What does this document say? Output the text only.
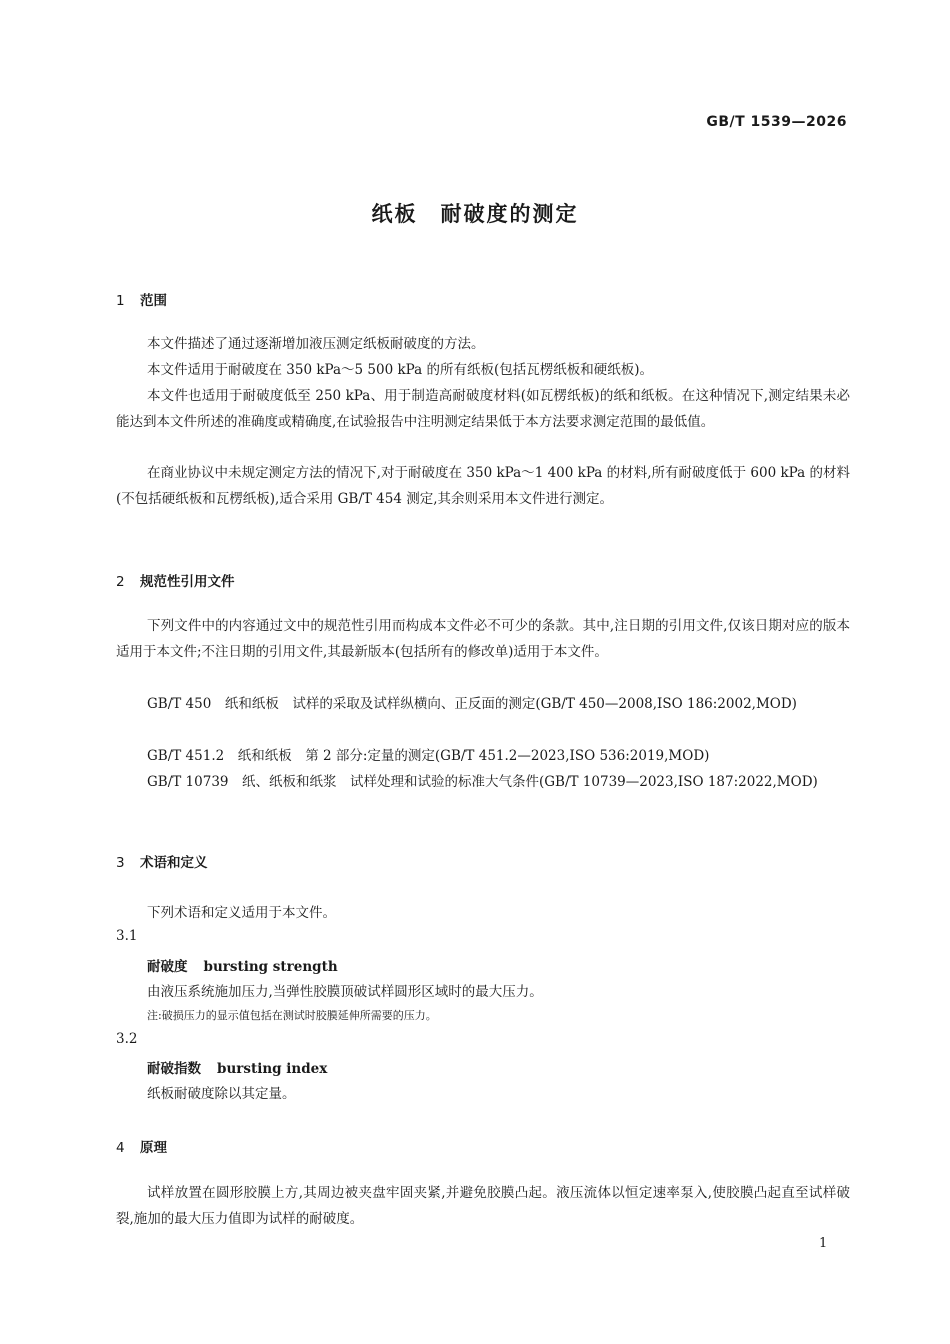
GB/T 1539—2026
纸板　耐破度的测定
1 范围
本文件描述了通过逐渐增加液压测定纸板耐破度的方法。
本文件适用于耐破度在 350 kPa～5 500 kPa 的所有纸板(包括瓦楞纸板和硬纸板)。
本文件也适用于耐破度低至 250 kPa、用于制造高耐破度材料(如瓦楞纸板)的纸和纸板。在这种情况下,测定结果未必能达到本文件所述的准确度或精确度,在试验报告中注明测定结果低于本方法要求测定范围的最低值。
在商业协议中未规定测定方法的情况下,对于耐破度在 350 kPa～1 400 kPa 的材料,所有耐破度低于 600 kPa 的材料(不包括硬纸板和瓦楞纸板),适合采用 GB/T 454 测定,其余则采用本文件进行测定。
2 规范性引用文件
下列文件中的内容通过文中的规范性引用而构成本文件必不可少的条款。其中,注日期的引用文件,仅该日期对应的版本适用于本文件;不注日期的引用文件,其最新版本(包括所有的修改单)适用于本文件。
GB/T 450　纸和纸板　试样的采取及试样纵横向、正反面的测定(GB/T 450—2008,ISO 186:2002,MOD)
GB/T 451.2　纸和纸板　第 2 部分:定量的测定(GB/T 451.2—2023,ISO 536:2019,MOD)
GB/T 10739　纸、纸板和纸浆　试样处理和试验的标准大气条件(GB/T 10739—2023,ISO 187:2022,MOD)
3 术语和定义
下列术语和定义适用于本文件。
3.1
耐破度 bursting strength
由液压系统施加压力,当弹性胶膜顶破试样圆形区域时的最大压力。
注:破损压力的显示值包括在测试时胶膜延伸所需要的压力。
3.2
耐破指数 bursting index
纸板耐破度除以其定量。
4 原理
试样放置在圆形胶膜上方,其周边被夹盘牢固夹紧,并避免胶膜凸起。液压流体以恒定速率泵入,使胶膜凸起直至试样破裂,施加的最大压力值即为试样的耐破度。
1
